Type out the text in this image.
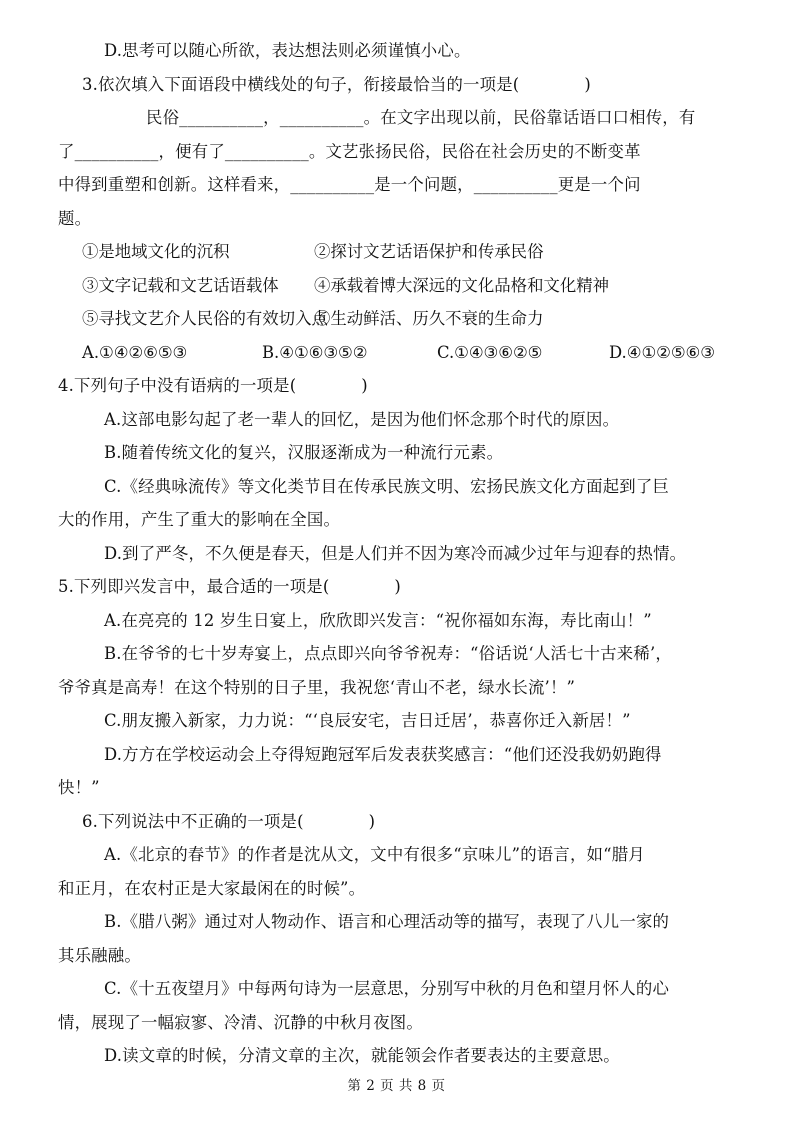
D.思考可以随心所欲，表达想法则必须谨慎小心。
3.依次填入下面语段中横线处的句子，衔接最恰当的一项是(            )
民俗__________，__________。在文字出现以前，民俗靠话语口口相传，有
了__________，便有了__________。文艺张扬民俗，民俗在社会历史的不断变革
中得到重塑和创新。这样看来，__________是一个问题，__________更是一个问
题。
①是地域文化的沉积	②探讨文艺话语保护和传承民俗
③文字记载和文艺话语载体	④承载着博大深远的文化品格和文化精神
⑤寻找文艺介人民俗的有效切入点
⑥生动鲜活、历久不衰的生命力
A.①④②⑥⑤③	B.④①⑥③⑤②	C.①④③⑥②⑤	D.④①②⑤⑥③
4.下列句子中没有语病的一项是(            )
A.这部电影勾起了老一辈人的回忆，是因为他们怀念那个时代的原因。
B.随着传统文化的复兴，汉服逐渐成为一种流行元素。
C.《经典咏流传》等文化类节目在传承民族文明、宏扬民族文化方面起到了巨
大的作用，产生了重大的影响在全国。
D.到了严冬，不久便是春天，但是人们并不因为寒冷而减少过年与迎春的热情。
5.下列即兴发言中，最合适的一项是(            )
A.在亮亮的 12 岁生日宴上，欣欣即兴发言：“祝你福如东海，寿比南山！”
B.在爷爷的七十岁寿宴上，点点即兴向爷爷祝寿：“俗话说‘人活七十古来稀’，
爷爷真是高寿！在这个特别的日子里，我祝您‘青山不老，绿水长流’！”
C.朋友搬入新家，力力说：“‘良辰安宅，吉日迁居’，恭喜你迁入新居！”
D.方方在学校运动会上夺得短跑冠军后发表获奖感言：“他们还没我奶奶跑得
快！”
6.下列说法中不正确的一项是(            )
A.《北京的春节》的作者是沈从文，文中有很多“京味儿”的语言，如“腊月
和正月，在农村正是大家最闲在的时候”。
B.《腊八粥》通过对人物动作、语言和心理活动等的描写，表现了八儿一家的
其乐融融。
C.《十五夜望月》中每两句诗为一层意思，分别写中秋的月色和望月怀人的心
情，展现了一幅寂寥、冷清、沉静的中秋月夜图。
D.读文章的时候，分清文章的主次，就能领会作者要表达的主要意思。
第 2 页 共 8 页
